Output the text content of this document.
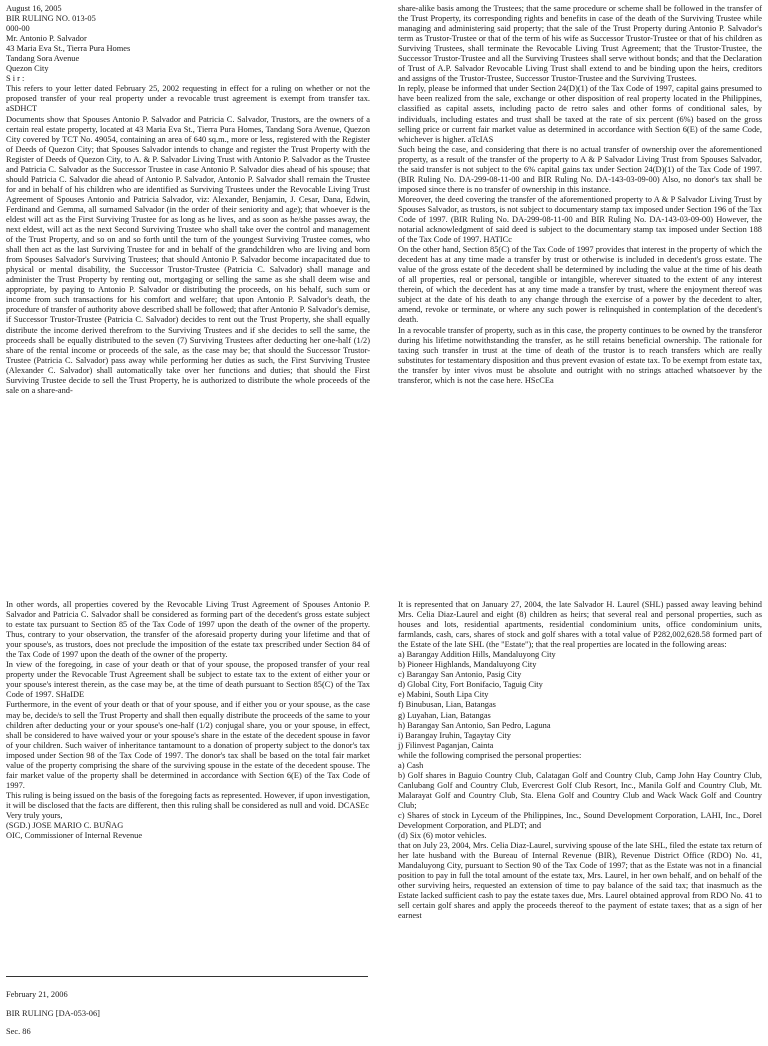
August 16, 2005

BIR RULING NO. 013-05

000-00

Mr. Antonio P. Salvador

43 Maria Eva St., Tierra Pura Homes

Tandang Sora Avenue

Quezon City

S i r :

This refers to your letter dated February 25, 2002 requesting in effect for a ruling on whether or not the proposed transfer of your real property under a revocable trust agreement is exempt from transfer tax. aSDHCT

Documents show that Spouses Antonio P. Salvador and Patricia C. Salvador, Trustors, are the owners of a certain real estate property, located at 43 Maria Eva St., Tierra Pura Homes, Tandang Sora Avenue, Quezon City covered by TCT No. 49054, containing an area of 640 sq.m., more or less, registered with the Register of Deeds of Quezon City; that Spouses Salvador intends to change and register the Trust Property with the Register of Deeds of Quezon City, to A. & P. Salvador Living Trust with Antonio P. Salvador as the Trustee and Patricia C. Salvador as the Successor Trustee in case Antonio P. Salvador dies ahead of his spouse; that should Patricia C. Salvador die ahead of Antonio P. Salvador, Antonio P. Salvador shall remain the Trustee for and in behalf of his children who are identified as Surviving Trustees under the Revocable Living Trust Agreement of Spouses Antonio and Patricia Salvador, viz: Alexander, Benjamin, J. Cesar, Dana, Edwin, Ferdinand and Gemma, all surnamed Salvador (in the order of their seniority and age); that whoever is the eldest will act as the First Surviving Trustee for as long as he lives, and as soon as he/she passes away, the next eldest, will act as the next Second Surviving Trustee who shall take over the control and management of the Trust Property, and so on and so forth until the turn of the youngest Surviving Trustee comes, who shall then act as the last Surviving Trustee for and in behalf of the grandchildren who are living and born from Spouses Salvador's Surviving Trustees; that should Antonio P. Salvador become incapacitated due to physical or mental disability, the Successor Trustor-Trustee (Patricia C. Salvador) shall manage and administer the Trust Property by renting out, mortgaging or selling the same as she shall deem wise and appropriate, by paying to Antonio P. Salvador or distributing the proceeds, on his behalf, such sum or income from such transactions for his comfort and welfare; that upon Antonio P. Salvador's death, the procedure of transfer of authority above described shall be followed; that after Antonio P. Salvador's demise, if Successor Trustor-Trustee (Patricia C. Salvador) decides to rent out the Trust Property, she shall equally distribute the income derived therefrom to the Surviving Trustees and if she decides to sell the same, the proceeds shall be equally distributed to the seven (7) Surviving Trustees after deducting her one-half (1/2) share of the rental income or proceeds of the sale, as the case may be; that should the Successor Trustor-Trustee (Patricia C. Salvador) pass away while performing her duties as such, the First Surviving Trustee (Alexander C. Salvador) shall automatically take over her functions and duties; that should the First Surviving Trustee decide to sell the Trust Property, he is authorized to distribute the whole proceeds of the sale on a share-and-

share-alike basis among the Trustees; that the same procedure or scheme shall be followed in the transfer of the Trust Property, its corresponding rights and benefits in case of the death of the Surviving Trustee while managing and administering said property; that the sale of the Trust Property during Antonio P. Salvador's term as Trustor-Trustee or that of the term of his wife as Successor Trustor-Trustee or that of his children as Surviving Trustees, shall terminate the Revocable Living Trust Agreement; that the Trustor-Trustee, the Successor Trustor-Trustee and all the Surviving Trustees shall serve without bonds; and that the Declaration of Trust of A.P. Salvador Revocable Living Trust shall extend to and be binding upon the heirs, creditors and assigns of the Trustor-Trustee, Successor Trustor-Trustee and the Surviving Trustees.

In reply, please be informed that under Section 24(D)(1) of the Tax Code of 1997, capital gains presumed to have been realized from the sale, exchange or other disposition of real property located in the Philippines, classified as capital assets, including pacto de retro sales and other forms of conditional sales, by individuals, including estates and trust shall be taxed at the rate of six percent (6%) based on the gross selling price or current fair market value as determined in accordance with Section 6(E) of the same Code, whichever is higher. aTcIAS

Such being the case, and considering that there is no actual transfer of ownership over the aforementioned property, as a result of the transfer of the property to A & P Salvador Living Trust from Spouses Salvador, the said transfer is not subject to the 6% capital gains tax under Section 24(D)(1) of the Tax Code of 1997. (BIR Ruling No. DA-299-08-11-00 and BIR Ruling No. DA-143-03-09-00) Also, no donor's tax shall be imposed since there is no transfer of ownership in this instance.

Moreover, the deed covering the transfer of the aforementioned property to A & P Salvador Living Trust by Spouses Salvador, as trustors, is not subject to documentary stamp tax imposed under Section 196 of the Tax Code of 1997. (BIR Ruling No. DA-299-08-11-00 and BIR Ruling No. DA-143-03-09-00) However, the notarial acknowledgment of said deed is subject to the documentary stamp tax imposed under Section 188 of the Tax Code of 1997. HATICc

On the other hand, Section 85(C) of the Tax Code of 1997 provides that interest in the property of which the decedent has at any time made a transfer by trust or otherwise is included in decedent's gross estate. The value of the gross estate of the decedent shall be determined by including the value at the time of his death of all properties, real or personal, tangible or intangible, wherever situated to the extent of any interest therein, of which the decedent has at any time made a transfer by trust, where the enjoyment thereof was subject at the date of his death to any change through the exercise of a power by the decedent to alter, amend, revoke or terminate, or where any such power is relinquished in contemplation of the decedent's death.

In a revocable transfer of property, such as in this case, the property continues to be owned by the transferor during his lifetime notwithstanding the transfer, as he still retains beneficial ownership. The rationale for taxing such transfer in trust at the time of death of the trustor is to reach transfers which are really substitutes for testamentary disposition and thus prevent evasion of estate tax. To be exempt from estate tax, the transfer by inter vivos must be absolute and outright with no strings attached whatsoever by the transferor, which is not the case here. HScCEa

In other words, all properties covered by the Revocable Living Trust Agreement of Spouses Antonio P. Salvador and Patricia C. Salvador shall be considered as forming part of the decedent's gross estate subject to estate tax pursuant to Section 85 of the Tax Code of 1997 upon the death of the owner of the property. Thus, contrary to your observation, the transfer of the aforesaid property during your lifetime and that of your spouse's, as trustors, does not preclude the imposition of the estate tax prescribed under Section 84 of the Tax Code of 1997 upon the death of the owner of the property.

In view of the foregoing, in case of your death or that of your spouse, the proposed transfer of your real property under the Revocable Trust Agreement shall be subject to estate tax to the extent of either your or your spouse's interest therein, as the case may be, at the time of death pursuant to Section 85(C) of the Tax Code of 1997. SHaIDE

Furthermore, in the event of your death or that of your spouse, and if either you or your spouse, as the case may be, decide/s to sell the Trust Property and shall then equally distribute the proceeds of the same to your children after deducting your or your spouse's one-half (1/2) conjugal share, you or your spouse, in effect, shall be considered to have waived your or your spouse's share in the estate of the decedent spouse in favor of your children. Such waiver of inheritance tantamount to a donation of property subject to the donor's tax imposed under Section 98 of the Tax Code of 1997. The donor's tax shall be based on the total fair market value of the property comprising the share of the surviving spouse in the estate of the decedent spouse. The fair market value of the property shall be determined in accordance with Section 6(E) of the Tax Code of 1997.

This ruling is being issued on the basis of the foregoing facts as represented. However, if upon investigation, it will be disclosed that the facts are different, then this ruling shall be considered as null and void. DCASEc

Very truly yours,

(SGD.) JOSE MARIO C. BUÑAG

OIC, Commissioner of Internal Revenue

February 21, 2006

BIR RULING [DA-053-06]

Sec. 86

It is represented that on January 27, 2004, the late Salvador H. Laurel (SHL) passed away leaving behind Mrs. Celia Diaz-Laurel and eight (8) children as heirs; that several real and personal properties, such as houses and lots, residential apartments, residential condominium units, office condominium units, farmlands, cash, cars, shares of stock and golf shares with a total value of P282,002,628.58 formed part of the Estate of the late SHL (the "Estate"); that the real properties are located in the following areas:

a) Barangay Addition Hills, Mandaluyong City

b) Pioneer Highlands, Mandaluyong City

c) Barangay San Antonio, Pasig City

d) Global City, Fort Bonifacio, Taguig City

e) Mabini, South Lipa City

f) Binubusan, Lian, Batangas

g) Luyahan, Lian, Batangas

h) Barangay San Antonio, San Pedro, Laguna

i) Barangay Iruhin, Tagaytay City

j) Filinvest Paganjan, Cainta

while the following comprised the personal properties:

a) Cash

b) Golf shares in Baguio Country Club, Calatagan Golf and Country Club, Camp John Hay Country Club, Canlubang Golf and Country Club, Evercrest Golf Club Resort, Inc., Manila Golf and Country Club, Mt. Malarayat Golf and Country Club, Sta. Elena Golf and Country Club and Wack Wack Golf and Country Club;

c) Shares of stock in Lyceum of the Philippines, Inc., Sound Development Corporation, LAHI, Inc., Dorel Development Corporation, and PLDT; and

(d) Six (6) motor vehicles.

that on July 23, 2004, Mrs. Celia Diaz-Laurel, surviving spouse of the late SHL, filed the estate tax return of her late husband with the Bureau of Internal Revenue (BIR), Revenue District Office (RDO) No. 41, Mandaluyong City, pursuant to Section 90 of the Tax Code of 1997; that as the Estate was not in a financial position to pay in full the total amount of the estate tax, Mrs. Laurel, in her own behalf, and on behalf of the other surviving heirs, requested an extension of time to pay balance of the said tax; that inasmuch as the Estate lacked sufficient cash to pay the estate taxes due, Mrs. Laurel obtained approval from RDO No. 41 to sell certain golf shares and apply the proceeds thereof to the payment of estate taxes; that as a sign of her earnest
